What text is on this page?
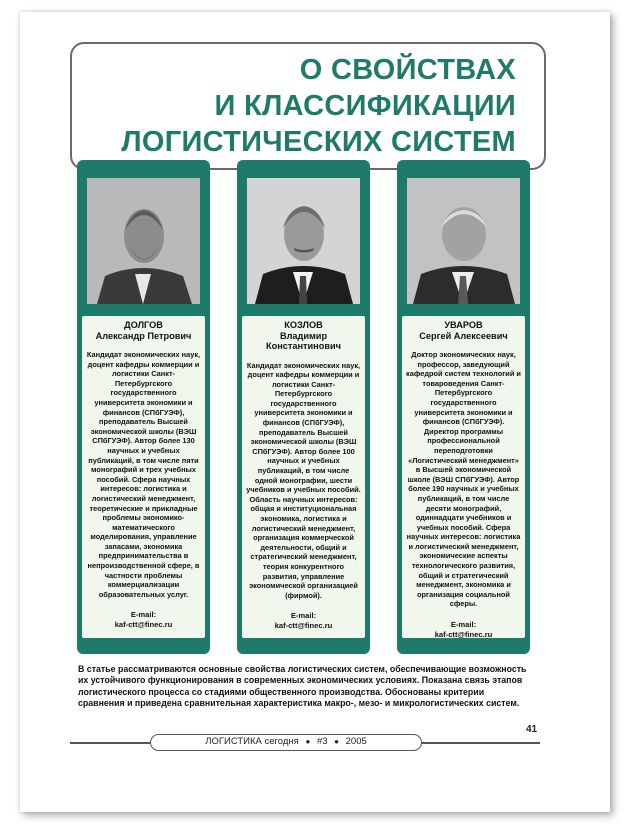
О СВОЙСТВАХ
И КЛАССИФИКАЦИИ
ЛОГИСТИЧЕСКИХ СИСТЕМ
ДОЛГОВ
Александр Петрович
Кандидат экономических наук, доцент кафедры коммерции и логистики Санкт-Петербургского государственного университета экономики и финансов (СПбГУЭФ), преподаватель Высшей экономической школы (ВЭШ СПбГУЭФ). Автор более 130 научных и учебных публикаций, в том числе пяти монографий и трех учебных пособий. Сфера научных интересов: логистика и логистический менеджмент, теоретические и прикладные проблемы экономико-математического моделирования, управление запасами, экономика предпринимательства в непроизводственной сфере, в частности проблемы коммерциализации образовательных услуг.
E-mail:
kaf-ctt@finec.ru
КОЗЛОВ
Владимир
Константинович
Кандидат экономических наук, доцент кафедры коммерции и логистики Санкт-Петербургского государственного университета экономики и финансов (СПбГУЭФ), преподаватель Высшей экономической школы (ВЭШ СПбГУЭФ). Автор более 100 научных и учебных публикаций, в том числе одной монографии, шести учебников и учебных пособий. Область научных интересов: общая и институциональная экономика, логистика и логистический менеджмент, организация коммерческой деятельности, общий и стратегический менеджмент, теория конкурентного развития, управление экономической организацией (фирмой).
E-mail:
kaf-ctt@finec.ru
УВАРОВ
Сергей Алексеевич
Доктор экономических наук, профессор, заведующий кафедрой систем технологий и товароведения Санкт-Петербургского государственного университета экономики и финансов (СПбГУЭФ). Директор программы профессиональной переподготовки «Логистический менеджмент» в Высшей экономической школе (ВЭШ СПбГУЭФ). Автор более 190 научных и учебных публикаций, в том числе десяти монографий, одиннадцати учебников и учебных пособий. Сфера научных интересов: логистика и логистический менеджмент, экономические аспекты технологического развития, общий и стратегический менеджмент, экономика и организация социальной сферы.
E-mail:
kaf-ctt@finec.ru
В статье рассматриваются основные свойства логистических систем, обеспечивающие возможность их устойчивого функционирования в современных экономических условиях. Показана связь этапов логистического процесса со стадиями общественного производства. Обоснованы критерии сравнения и приведена сравнительная характеристика макро-, мезо- и микрологистических систем.
ЛОГИСТИКА сегодня ● #3 ● 2005
41
